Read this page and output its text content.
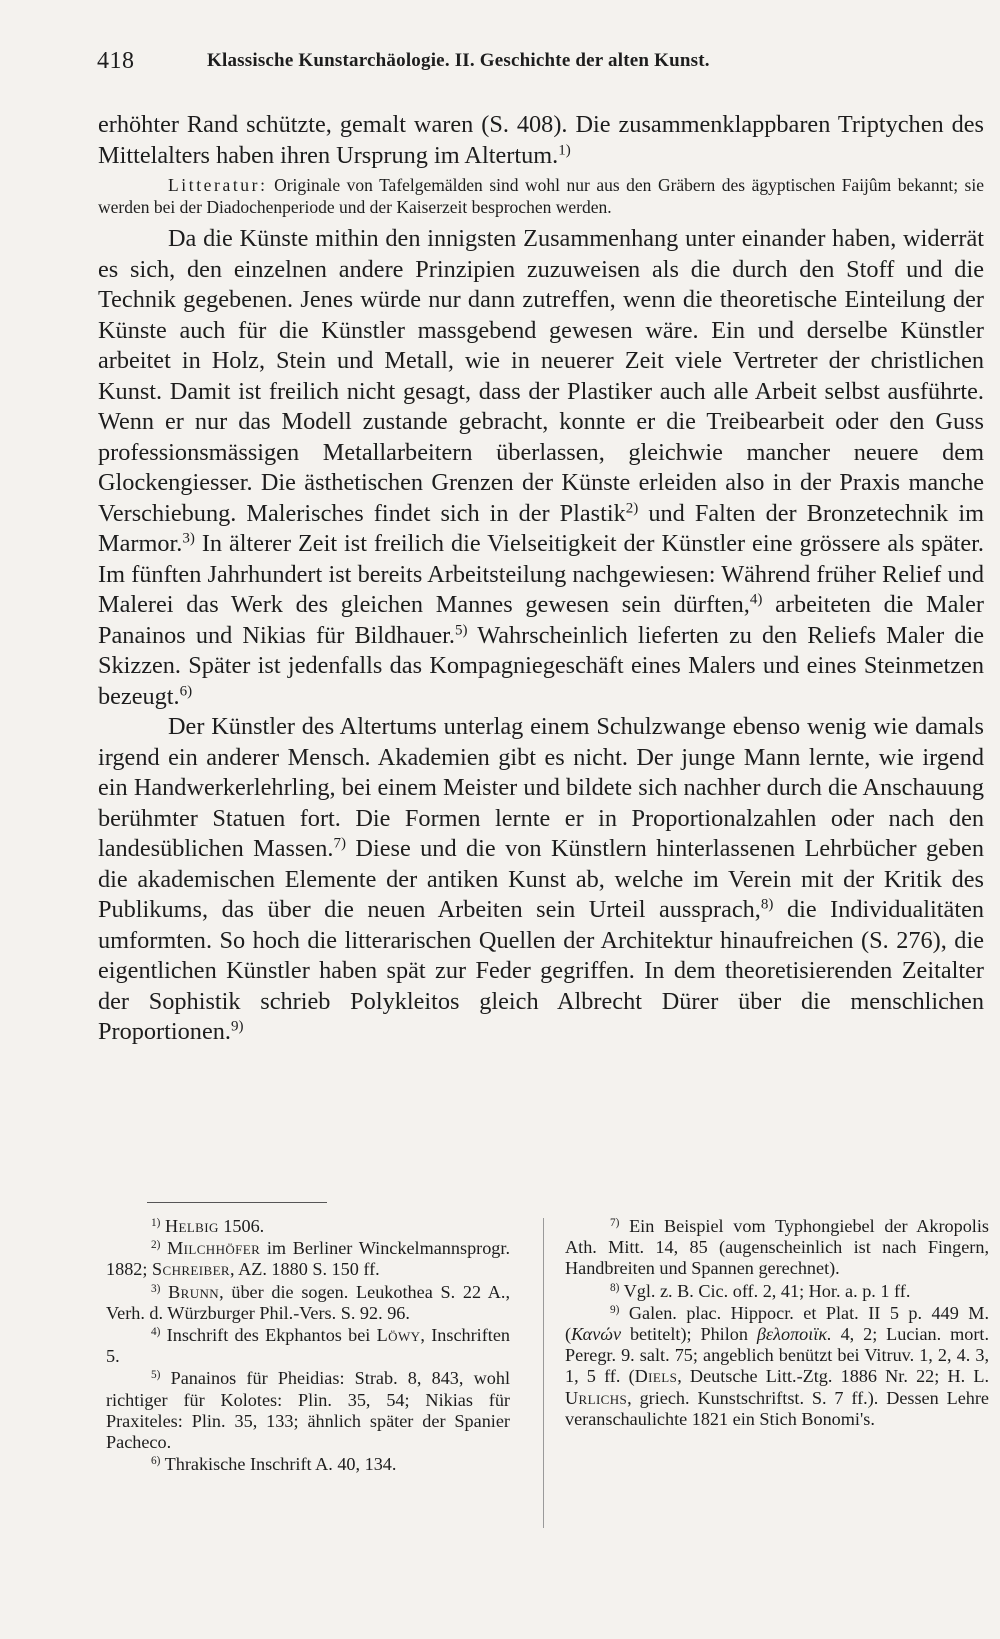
418	Klassische Kunstarchäologie. II. Geschichte der alten Kunst.

erhöhter Rand schützte, gemalt waren (S. 408). Die zusammenklappbaren Triptychen des Mittelalters haben ihren Ursprung im Altertum.$^{1)}$

Litteratur: Originale von Tafelgemälden sind wohl nur aus den Gräbern des ägyptischen Faijûm bekannt; sie werden bei der Diadochenperiode und der Kaiserzeit besprochen werden.

Da die Künste mithin den innigsten Zusammenhang unter einander haben, widerrät es sich, den einzelnen andere Prinzipien zuzuweisen als die durch den Stoff und die Technik gegebenen. Jenes würde nur dann zutreffen, wenn die theoretische Einteilung der Künste auch für die Künstler massgebend gewesen wäre. Ein und derselbe Künstler arbeitet in Holz, Stein und Metall, wie in neuerer Zeit viele Vertreter der christlichen Kunst. Damit ist freilich nicht gesagt, dass der Plastiker auch alle Arbeit selbst ausführte. Wenn er nur das Modell zustande gebracht, konnte er die Treibearbeit oder den Guss professionsmässigen Metallarbeitern überlassen, gleichwie mancher neuere dem Glockengiesser. Die ästhetischen Grenzen der Künste erleiden also in der Praxis manche Verschiebung. Malerisches findet sich in der Plastik$^{2)}$ und Falten der Bronzetechnik im Marmor.$^{3)}$ In älterer Zeit ist freilich die Vielseitigkeit der Künstler eine grössere als später. Im fünften Jahrhundert ist bereits Arbeitsteilung nachgewiesen: Während früher Relief und Malerei das Werk des gleichen Mannes gewesen sein dürften,$^{4)}$ arbeiteten die Maler Panainos und Nikias für Bildhauer.$^{5)}$ Wahrscheinlich lieferten zu den Reliefs Maler die Skizzen. Später ist jedenfalls das Kompagniegeschäft eines Malers und eines Steinmetzen bezeugt.$^{6)}$

Der Künstler des Altertums unterlag einem Schulzwange ebenso wenig wie damals irgend ein anderer Mensch. Akademien gibt es nicht. Der junge Mann lernte, wie irgend ein Handwerkerlehrling, bei einem Meister und bildete sich nachher durch die Anschauung berühmter Statuen fort. Die Formen lernte er in Proportionalzahlen oder nach den landesüblichen Massen.$^{7)}$ Diese und die von Künstlern hinterlassenen Lehrbücher geben die akademischen Elemente der antiken Kunst ab, welche im Verein mit der Kritik des Publikums, das über die neuen Arbeiten sein Urteil aussprach,$^{8)}$ die Individualitäten umformten. So hoch die litterarischen Quellen der Architektur hinaufreichen (S. 276), die eigentlichen Künstler haben spät zur Feder gegriffen. In dem theoretisierenden Zeitalter der Sophistik schrieb Polykleitos gleich Albrecht Dürer über die menschlichen Proportionen.$^{9)}$

$^{1)}$ Helbig 1506.

$^{2)}$ Milchhöfer im Berliner Winckelmannsprogr. 1882; Schreiber, AZ. 1880 S. 150 ff.

$^{3)}$ Brunn, über die sogen. Leukothea S. 22 A., Verh. d. Würzburger Phil.-Vers. S. 92. 96.

$^{4)}$ Inschrift des Ekphantos bei Löwy, Inschriften 5.

$^{5)}$ Panainos für Pheidias: Strab. 8, 843, wohl richtiger für Kolotes: Plin. 35, 54; Nikias für Praxiteles: Plin. 35, 133; ähnlich später der Spanier Pacheco.

$^{6)}$ Thrakische Inschrift A. 40, 134.

$^{7)}$ Ein Beispiel vom Typhongiebel der Akropolis Ath. Mitt. 14, 85 (augenscheinlich ist nach Fingern, Handbreiten und Spannen gerechnet).

$^{8)}$ Vgl. z. B. Cic. off. 2, 41; Hor. a. p. 1 ff.

$^{9)}$ Galen. plac. Hippocr. et Plat. II 5 p. 449 M. (Κανών betitelt); Philon βελοποιϊκ. 4, 2; Lucian. mort. Peregr. 9. salt. 75; angeblich benützt bei Vitruv. 1, 2, 4. 3, 1, 5 ff. (Diels, Deutsche Litt.-Ztg. 1886 Nr. 22; H. L. Urlichs, griech. Kunstschriftst. S. 7 ff.). Dessen Lehre veranschaulichte 1821 ein Stich Bonomi's.
